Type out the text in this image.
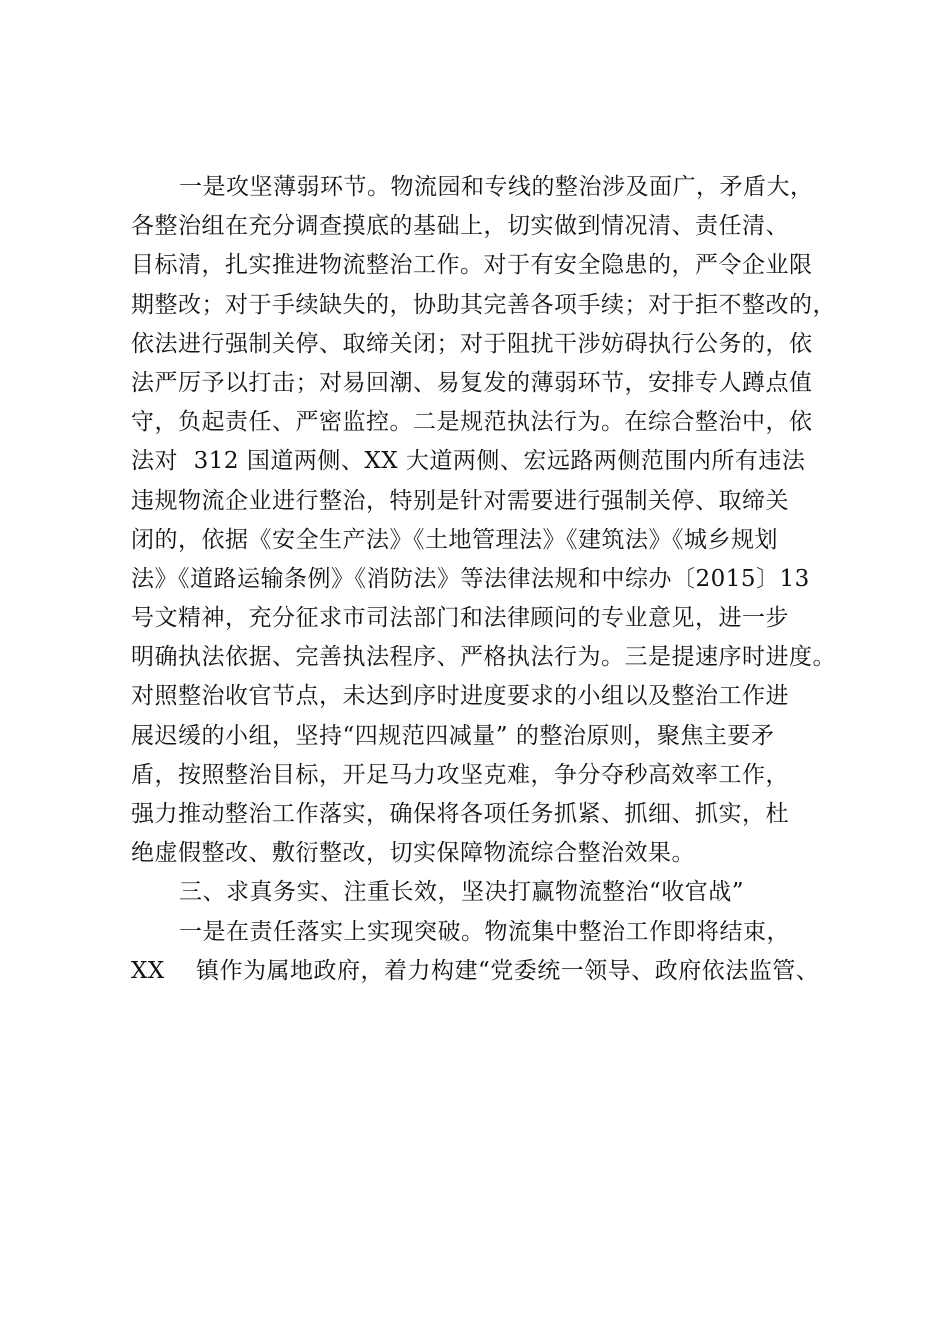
一是攻坚薄弱环节。物流园和专线的整治涉及面广，矛盾大，
各整治组在充分调查摸底的基础上，切实做到情况清、责任清、
目标清，扎实推进物流整治工作。对于有安全隐患的，严令企业限
期整改；对于手续缺失的，协助其完善各项手续；对于拒不整改的，
依法进行强制关停、取缔关闭；对于阻扰干涉妨碍执行公务的，依
法严厉予以打击；对易回潮、易复发的薄弱环节，安排专人蹲点值
守，负起责任、严密监控。二是规范执法行为。在综合整治中，依
法对  312 国道两侧、XX 大道两侧、宏远路两侧范围内所有违法
违规物流企业进行整治，特别是针对需要进行强制关停、取缔关
闭的，依据《安全生产法》《土地管理法》《建筑法》《城乡规划
法》《道路运输条例》《消防法》等法律法规和中综办〔2015〕13
号文精神，充分征求市司法部门和法律顾问的专业意见，进一步
明确执法依据、完善执法程序、严格执法行为。三是提速序时进度。
对照整治收官节点，未达到序时进度要求的小组以及整治工作进
展迟缓的小组，坚持“四规范四减量” 的整治原则，聚焦主要矛
盾，按照整治目标，开足马力攻坚克难，争分夺秒高效率工作，
强力推动整治工作落实，确保将各项任务抓紧、抓细、抓实，杜
绝虚假整改、敷衍整改，切实保障物流综合整治效果。
三、求真务实、注重长效，坚决打赢物流整治“收官战”
一是在责任落实上实现突破。物流集中整治工作即将结束，
XX    镇作为属地政府，着力构建“党委统一领导、政府依法监管、
